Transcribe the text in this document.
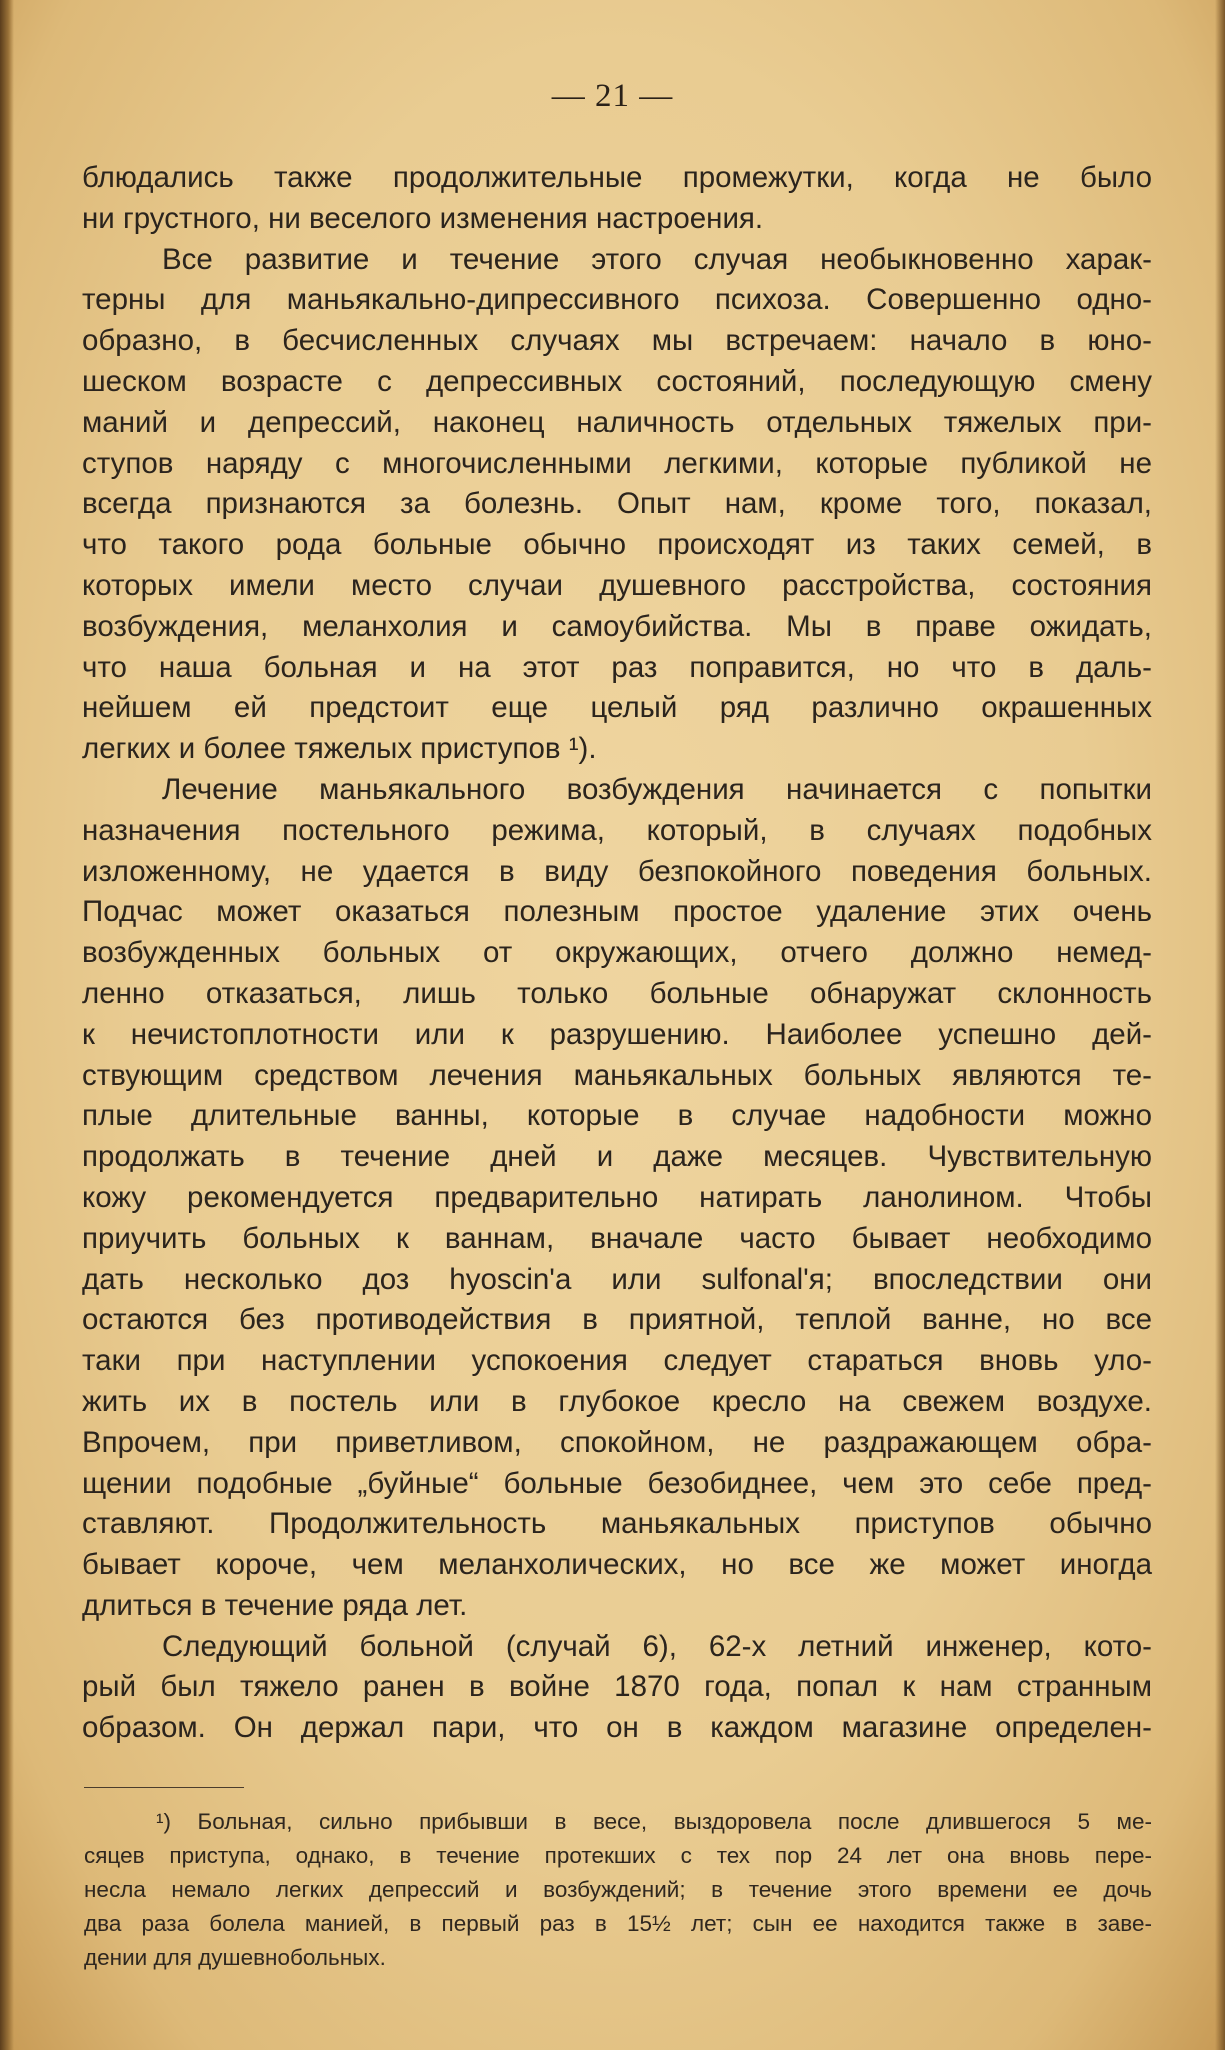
— 21 —
блюдались также продолжительные промежутки, когда не было
ни грустного, ни веселого изменения настроения.
Все развитие и течение этого случая необыкновенно харак-
терны для маньякально-дипрессивного психоза. Совершенно одно-
образно, в бесчисленных случаях мы встречаем: начало в юно-
шеском возрасте с депрессивных состояний, последующую смену
маний и депрессий, наконец наличность отдельных тяжелых при-
ступов наряду с многочисленными легкими, которые публикой не
всегда признаются за болезнь. Опыт нам, кроме того, показал,
что такого рода больные обычно происходят из таких семей, в
которых имели место случаи душевного расстройства, состояния
возбуждения, меланхолия и самоубийства. Мы в праве ожидать,
что наша больная и на этот раз поправится, но что в даль-
нейшем ей предстоит еще целый ряд различно окрашенных
легких и более тяжелых приступов ¹).
Лечение маньякального возбуждения начинается с попытки
назначения постельного режима, который, в случаях подобных
изложенному, не удается в виду безпокойного поведения больных.
Подчас может оказаться полезным простое удаление этих очень
возбужденных больных от окружающих, отчего должно немед-
ленно отказаться, лишь только больные обнаружат склонность
к нечистоплотности или к разрушению. Наиболее успешно дей-
ствующим средством лечения маньякальных больных являются те-
плые длительные ванны, которые в случае надобности можно
продолжать в течение дней и даже месяцев. Чувствительную
кожу рекомендуется предварительно натирать ланолином. Чтобы
приучить больных к ваннам, вначале часто бывает необходимо
дать несколько доз hyoscin'a или sulfonal'я; впоследствии они
остаются без противодействия в приятной, теплой ванне, но все
таки при наступлении успокоения следует стараться вновь уло-
жить их в постель или в глубокое кресло на свежем воздухе.
Впрочем, при приветливом, спокойном, не раздражающем обра-
щении подобные „буйные“ больные безобиднее, чем это себе пред-
ставляют. Продолжительность маньякальных приступов обычно
бывает короче, чем меланхолических, но все же может иногда
длиться в течение ряда лет.
Следующий больной (случай 6), 62-х летний инженер, кото-
рый был тяжело ранен в войне 1870 года, попал к нам странным
образом. Он держал пари, что он в каждом магазине определен-
¹) Больная, сильно прибывши в весе, выздоровела после длившегося 5 ме-
сяцев приступа, однако, в течение протекших с тех пор 24 лет она вновь пере-
несла немало легких депрессий и возбуждений; в течение этого времени ее дочь
два раза болела манией, в первый раз в 15½ лет; сын ее находится также в заве-
дении для душевнобольных.
